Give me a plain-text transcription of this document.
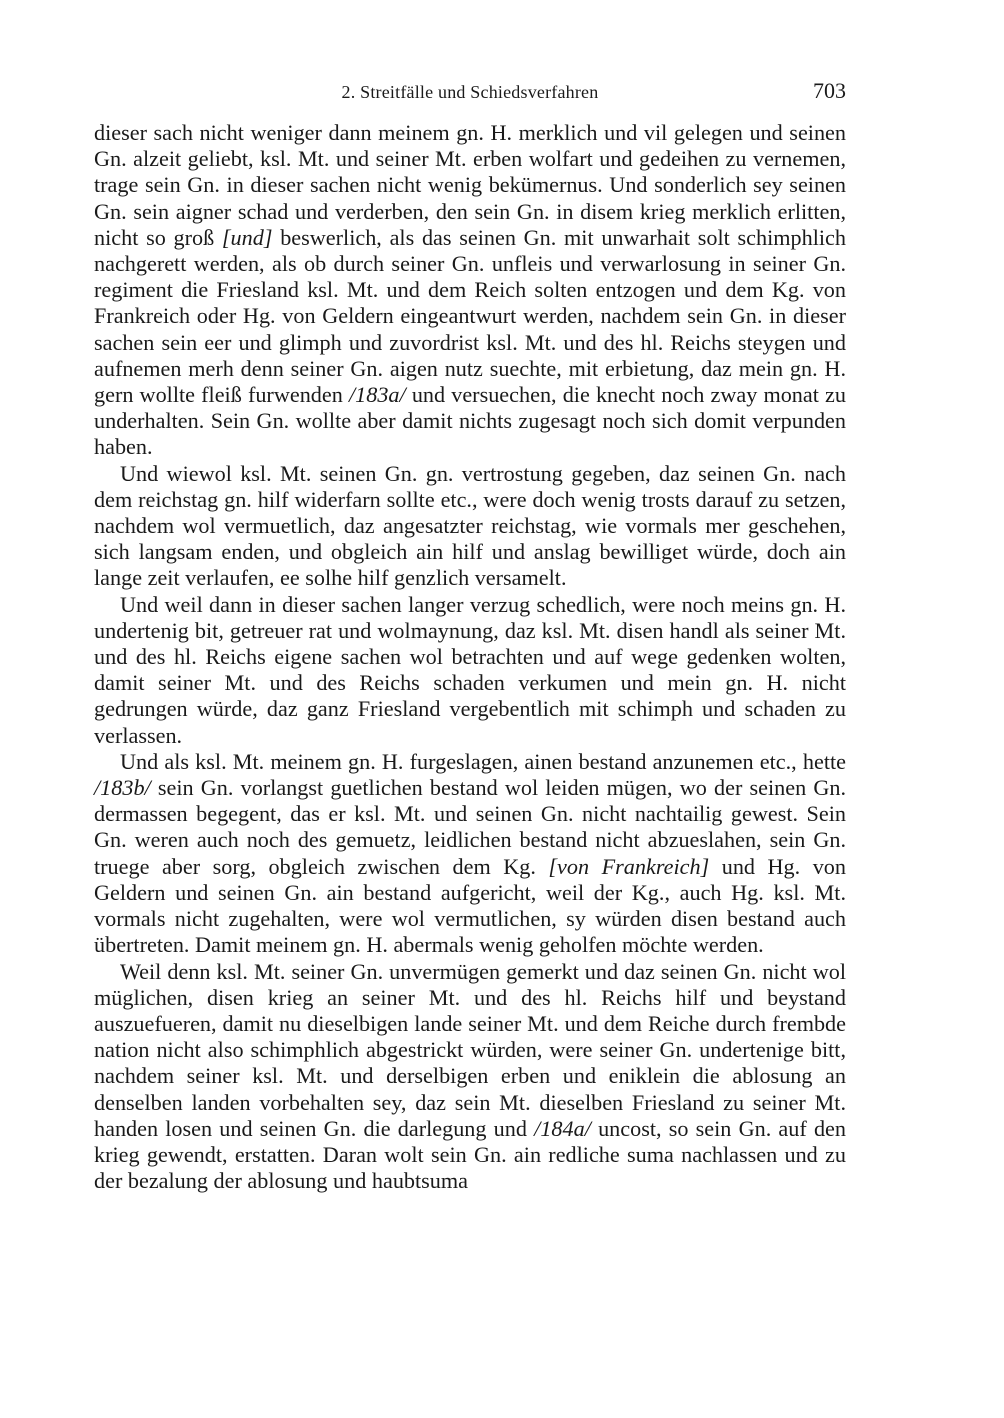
2. Streitfälle und Schiedsverfahren	703

dieser sach nicht weniger dann meinem gn. H. merklich und vil gelegen und seinen Gn. alzeit geliebt, ksl. Mt. und seiner Mt. erben wolfart und gedeihen zu vernemen, trage sein Gn. in dieser sachen nicht wenig bekümernus. Und sonderlich sey seinen Gn. sein aigner schad und verderben, den sein Gn. in disem krieg merklich erlitten, nicht so groß [und] beswerlich, als das seinen Gn. mit unwarhait solt schimphlich nachgerett werden, als ob durch seiner Gn. unfleis und verwarlosung in seiner Gn. regiment die Friesland ksl. Mt. und dem Reich solten entzogen und dem Kg. von Frankreich oder Hg. von Geldern eingeantwurt werden, nachdem sein Gn. in dieser sachen sein eer und glimph und zuvordrist ksl. Mt. und des hl. Reichs steygen und aufnemen merh denn seiner Gn. aigen nutz suechte, mit erbietung, daz mein gn. H. gern wollte fleiß furwenden /183a/ und versuechen, die knecht noch zway monat zu underhalten. Sein Gn. wollte aber damit nichts zugesagt noch sich domit verpunden haben.

Und wiewol ksl. Mt. seinen Gn. gn. vertrostung gegeben, daz seinen Gn. nach dem reichstag gn. hilf widerfarn sollte etc., were doch wenig trosts darauf zu setzen, nachdem wol vermuetlich, daz angesatzter reichstag, wie vormals mer geschehen, sich langsam enden, und obgleich ain hilf und anslag bewilliget würde, doch ain lange zeit verlaufen, ee solhe hilf genzlich versamelt.

Und weil dann in dieser sachen langer verzug schedlich, were noch meins gn. H. undertenig bit, getreuer rat und wolmaynung, daz ksl. Mt. disen handl als seiner Mt. und des hl. Reichs eigene sachen wol betrachten und auf wege gedenken wolten, damit seiner Mt. und des Reichs schaden verkumen und mein gn. H. nicht gedrungen würde, daz ganz Friesland vergebentlich mit schimph und schaden zu verlassen.

Und als ksl. Mt. meinem gn. H. furgeslagen, ainen bestand anzunemen etc., hette /183b/ sein Gn. vorlangst guetlichen bestand wol leiden mügen, wo der seinen Gn. dermassen begegent, das er ksl. Mt. und seinen Gn. nicht nachtailig gewest. Sein Gn. weren auch noch des gemuetz, leidlichen bestand nicht abzueslahen, sein Gn. truege aber sorg, obgleich zwischen dem Kg. [von Frankreich] und Hg. von Geldern und seinen Gn. ain bestand aufgericht, weil der Kg., auch Hg. ksl. Mt. vormals nicht zugehalten, were wol vermutlichen, sy würden disen bestand auch übertreten. Damit meinem gn. H. abermals wenig geholfen möchte werden.

Weil denn ksl. Mt. seiner Gn. unvermügen gemerkt und daz seinen Gn. nicht wol müglichen, disen krieg an seiner Mt. und des hl. Reichs hilf und beystand auszuefueren, damit nu dieselbigen lande seiner Mt. und dem Reiche durch frembde nation nicht also schimphlich abgestrickt würden, were seiner Gn. undertenige bitt, nachdem seiner ksl. Mt. und derselbigen erben und eniklein die ablosung an denselben landen vorbehalten sey, daz sein Mt. dieselben Friesland zu seiner Mt. handen losen und seinen Gn. die darlegung und /184a/ uncost, so sein Gn. auf den krieg gewendt, erstatten. Daran wolt sein Gn. ain redliche suma nachlassen und zu der bezalung der ablosung und haubtsuma
